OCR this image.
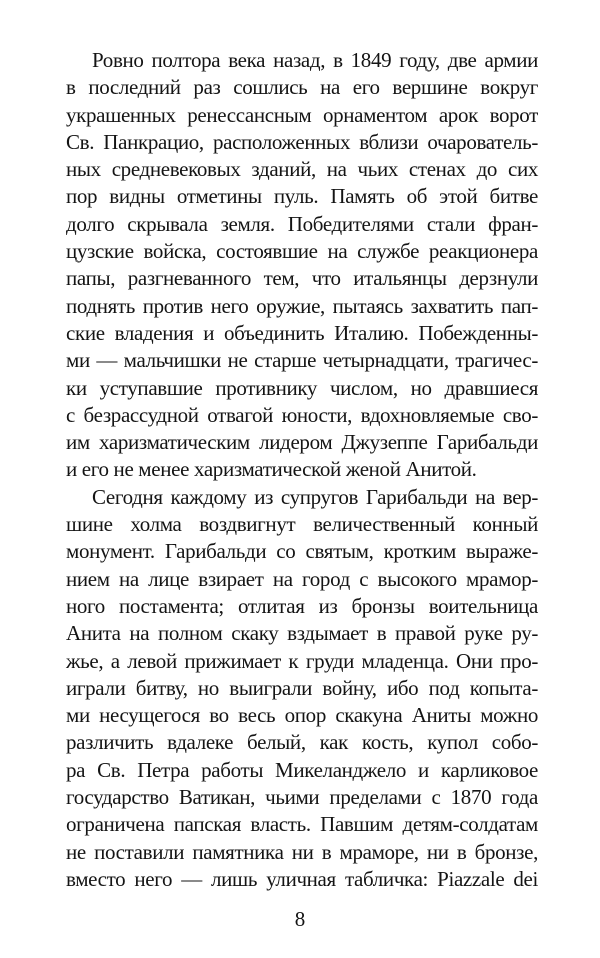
Ровно полтора века назад, в 1849 году, две армии
в последний раз сошлись на его вершине вокруг
украшенных ренессансным орнаментом арок ворот
Св. Панкрацио, расположенных вблизи очарователь-
ных средневековых зданий, на чьих стенах до сих
пор видны отметины пуль. Память об этой битве
долго скрывала земля. Победителями стали фран-
цузские войска, состоявшие на службе реакционера
папы, разгневанного тем, что итальянцы дерзнули
поднять против него оружие, пытаясь захватить пап-
ские владения и объединить Италию. Побежденны-
ми — мальчишки не старше четырнадцати, трагичес-
ки уступавшие противнику числом, но дравшиеся
с безрассудной отвагой юности, вдохновляемые сво-
им харизматическим лидером Джузеппе Гарибальди
и его не менее харизматической женой Анитой.
Сегодня каждому из супругов Гарибальди на вер-
шине холма воздвигнут величественный конный
монумент. Гарибальди со святым, кротким выраже-
нием на лице взирает на город с высокого мрамор-
ного постамента; отлитая из бронзы воительница
Анита на полном скаку вздымает в правой руке ру-
жье, а левой прижимает к груди младенца. Они про-
играли битву, но выиграли войну, ибо под копыта-
ми несущегося во весь опор скакуна Аниты можно
различить вдалеке белый, как кость, купол собо-
ра Св. Петра работы Микеланджело и карликовое
государство Ватикан, чьими пределами с 1870 года
ограничена папская власть. Павшим детям-солдатам
не поставили памятника ни в мраморе, ни в бронзе,
вместо него — лишь уличная табличка: Piazzale dei
8
